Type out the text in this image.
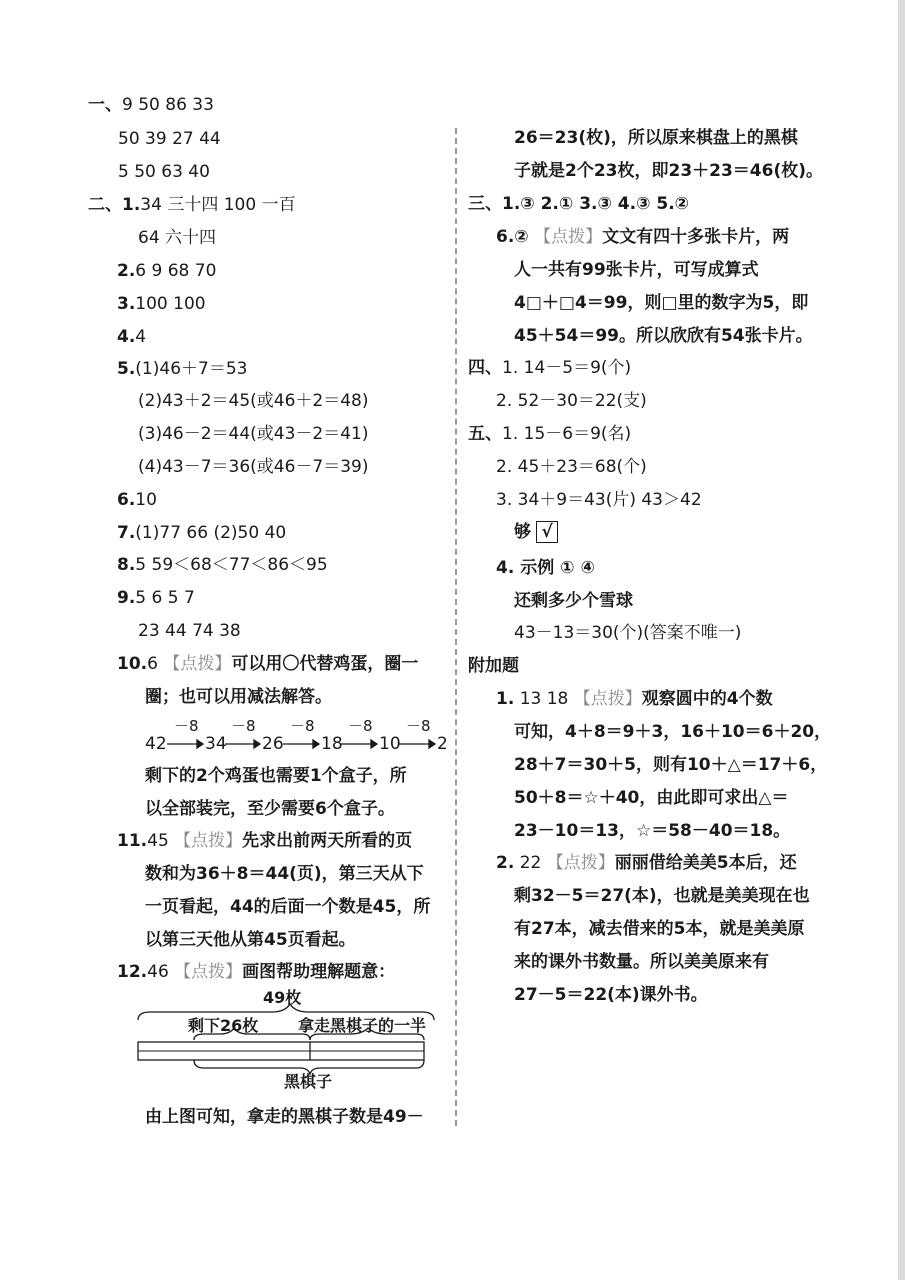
一、9 50 86 33
50 39 27 44
5 50 63 40
二、1.34 三十四 100 一百
64 六十四
2.6 9 68 70
3.100 100
4.4
5.(1)46＋7＝53
(2)43＋2＝45(或46＋2＝48)
(3)46－2＝44(或43－2＝41)
(4)43－7＝36(或46－7＝39)
6.10
7.(1)77 66 (2)50 40
8.5 59＜68＜77＜86＜95
9.5 6 5 7
23 44 74 38
10.6 【点拨】可以用〇代替鸡蛋，圈一
圈；也可以用减法解答。
42 34 26 18 10 2
－8 －8 －8 －8 －8
剩下的2个鸡蛋也需要1个盒子，所
以全部装完，至少需要6个盒子。
11.45 【点拨】先求出前两天所看的页
数和为36＋8＝44(页)，第三天从下
一页看起，44的后面一个数是45，所
以第三天他从第45页看起。
12.46 【点拨】画图帮助理解题意：
49枚
剩下26枚 拿走黑棋子的一半
黑棋子
由上图可知，拿走的黑棋子数是49－
26＝23(枚)，所以原来棋盘上的黑棋
子就是2个23枚，即23＋23＝46(枚)。
三、1.③ 2.① 3.③ 4.③ 5.②
6.② 【点拨】文文有四十多张卡片，两
人一共有99张卡片，可写成算式
4□＋□4＝99，则□里的数字为5，即
45＋54＝99。所以欣欣有54张卡片。
四、1. 14－5＝9(个)
2. 52－30＝22(支)
五、1. 15－6＝9(名)
2. 45＋23＝68(个)
3. 34＋9＝43(片) 43＞42
够 √
4. 示例 ① ④
还剩多少个雪球
43－13＝30(个)(答案不唯一)
附加题
1. 13 18 【点拨】观察圆中的4个数
可知，4＋8＝9＋3，16＋10＝6＋20，
28＋7＝30＋5，则有10＋△＝17＋6，
50＋8＝☆＋40，由此即可求出△＝
23－10＝13，☆＝58－40＝18。
2. 22 【点拨】丽丽借给美美5本后，还
剩32－5＝27(本)，也就是美美现在也
有27本，减去借来的5本，就是美美原
来的课外书数量。所以美美原来有
27－5＝22(本)课外书。
